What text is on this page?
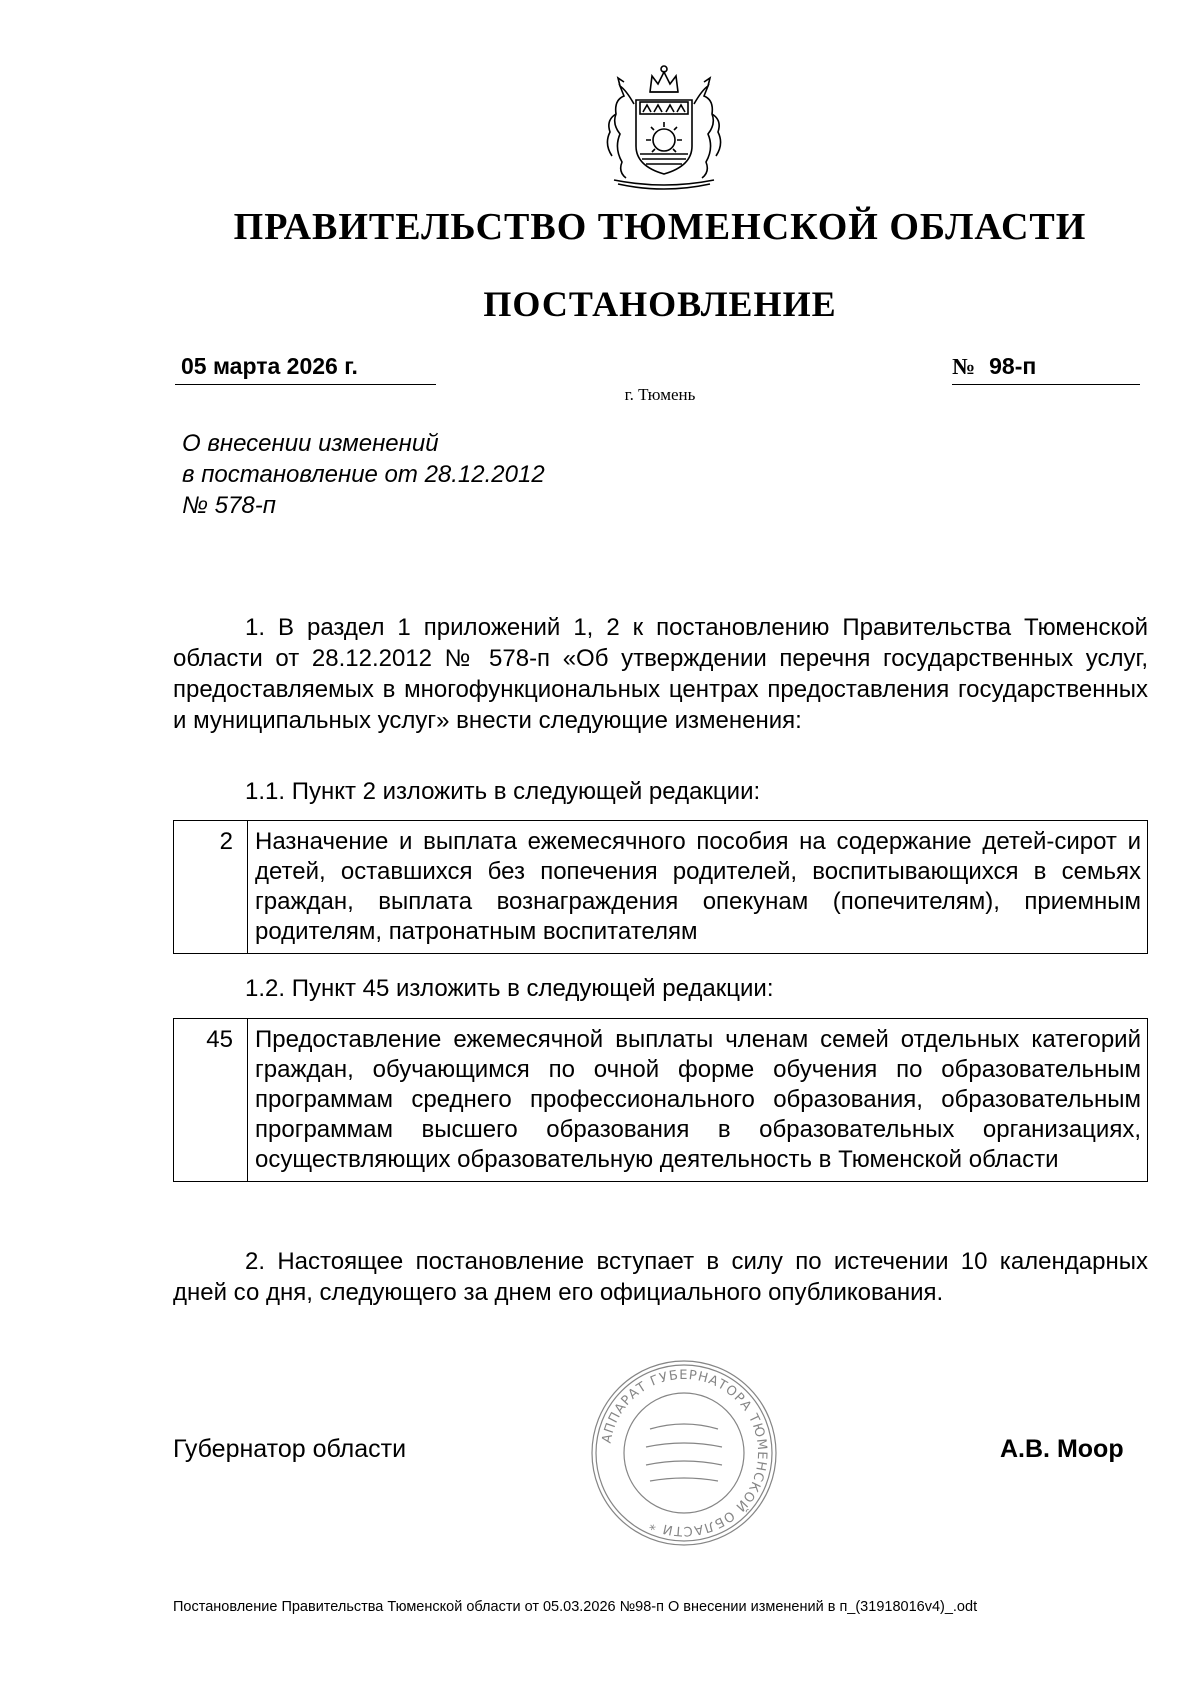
ПРАВИТЕЛЬСТВО ТЮМЕНСКОЙ ОБЛАСТИ
ПОСТАНОВЛЕНИЕ
05 марта 2026 г.	№ 98-п
г. Тюмень
О внесении изменений
в постановление от 28.12.2012
№ 578-п
1. В раздел 1 приложений 1, 2 к постановлению Правительства Тюменской области от 28.12.2012 № 578-п «Об утверждении перечня государственных услуг, предоставляемых в многофункциональных центрах предоставления государственных и муниципальных услуг» внести следующие изменения:
1.1. Пункт 2 изложить в следующей редакции:
2	Назначение и выплата ежемесячного пособия на содержание детей-сирот и детей, оставшихся без попечения родителей, воспитывающихся в семьях граждан, выплата вознаграждения опекунам (попечителям), приемным родителям, патронатным воспитателям
1.2. Пункт 45 изложить в следующей редакции:
45	Предоставление ежемесячной выплаты членам семей отдельных категорий граждан, обучающимся по очной форме обучения по образовательным программам среднего профессионального образования, образовательным программам высшего образования в образовательных организациях, осуществляющих образовательную деятельность в Тюменской области
2. Настоящее постановление вступает в силу по истечении 10 календарных дней со дня, следующего за днем его официального опубликования.
АППАРАТ ГУБЕРНАТОРА ТЮМЕНСКОЙ ОБЛАСТИ *
Губернатор области	А.В. Моор
Постановление Правительства Тюменской области от 05.03.2026 №98-п О внесении изменений в п_(31918016v4)_.odt
